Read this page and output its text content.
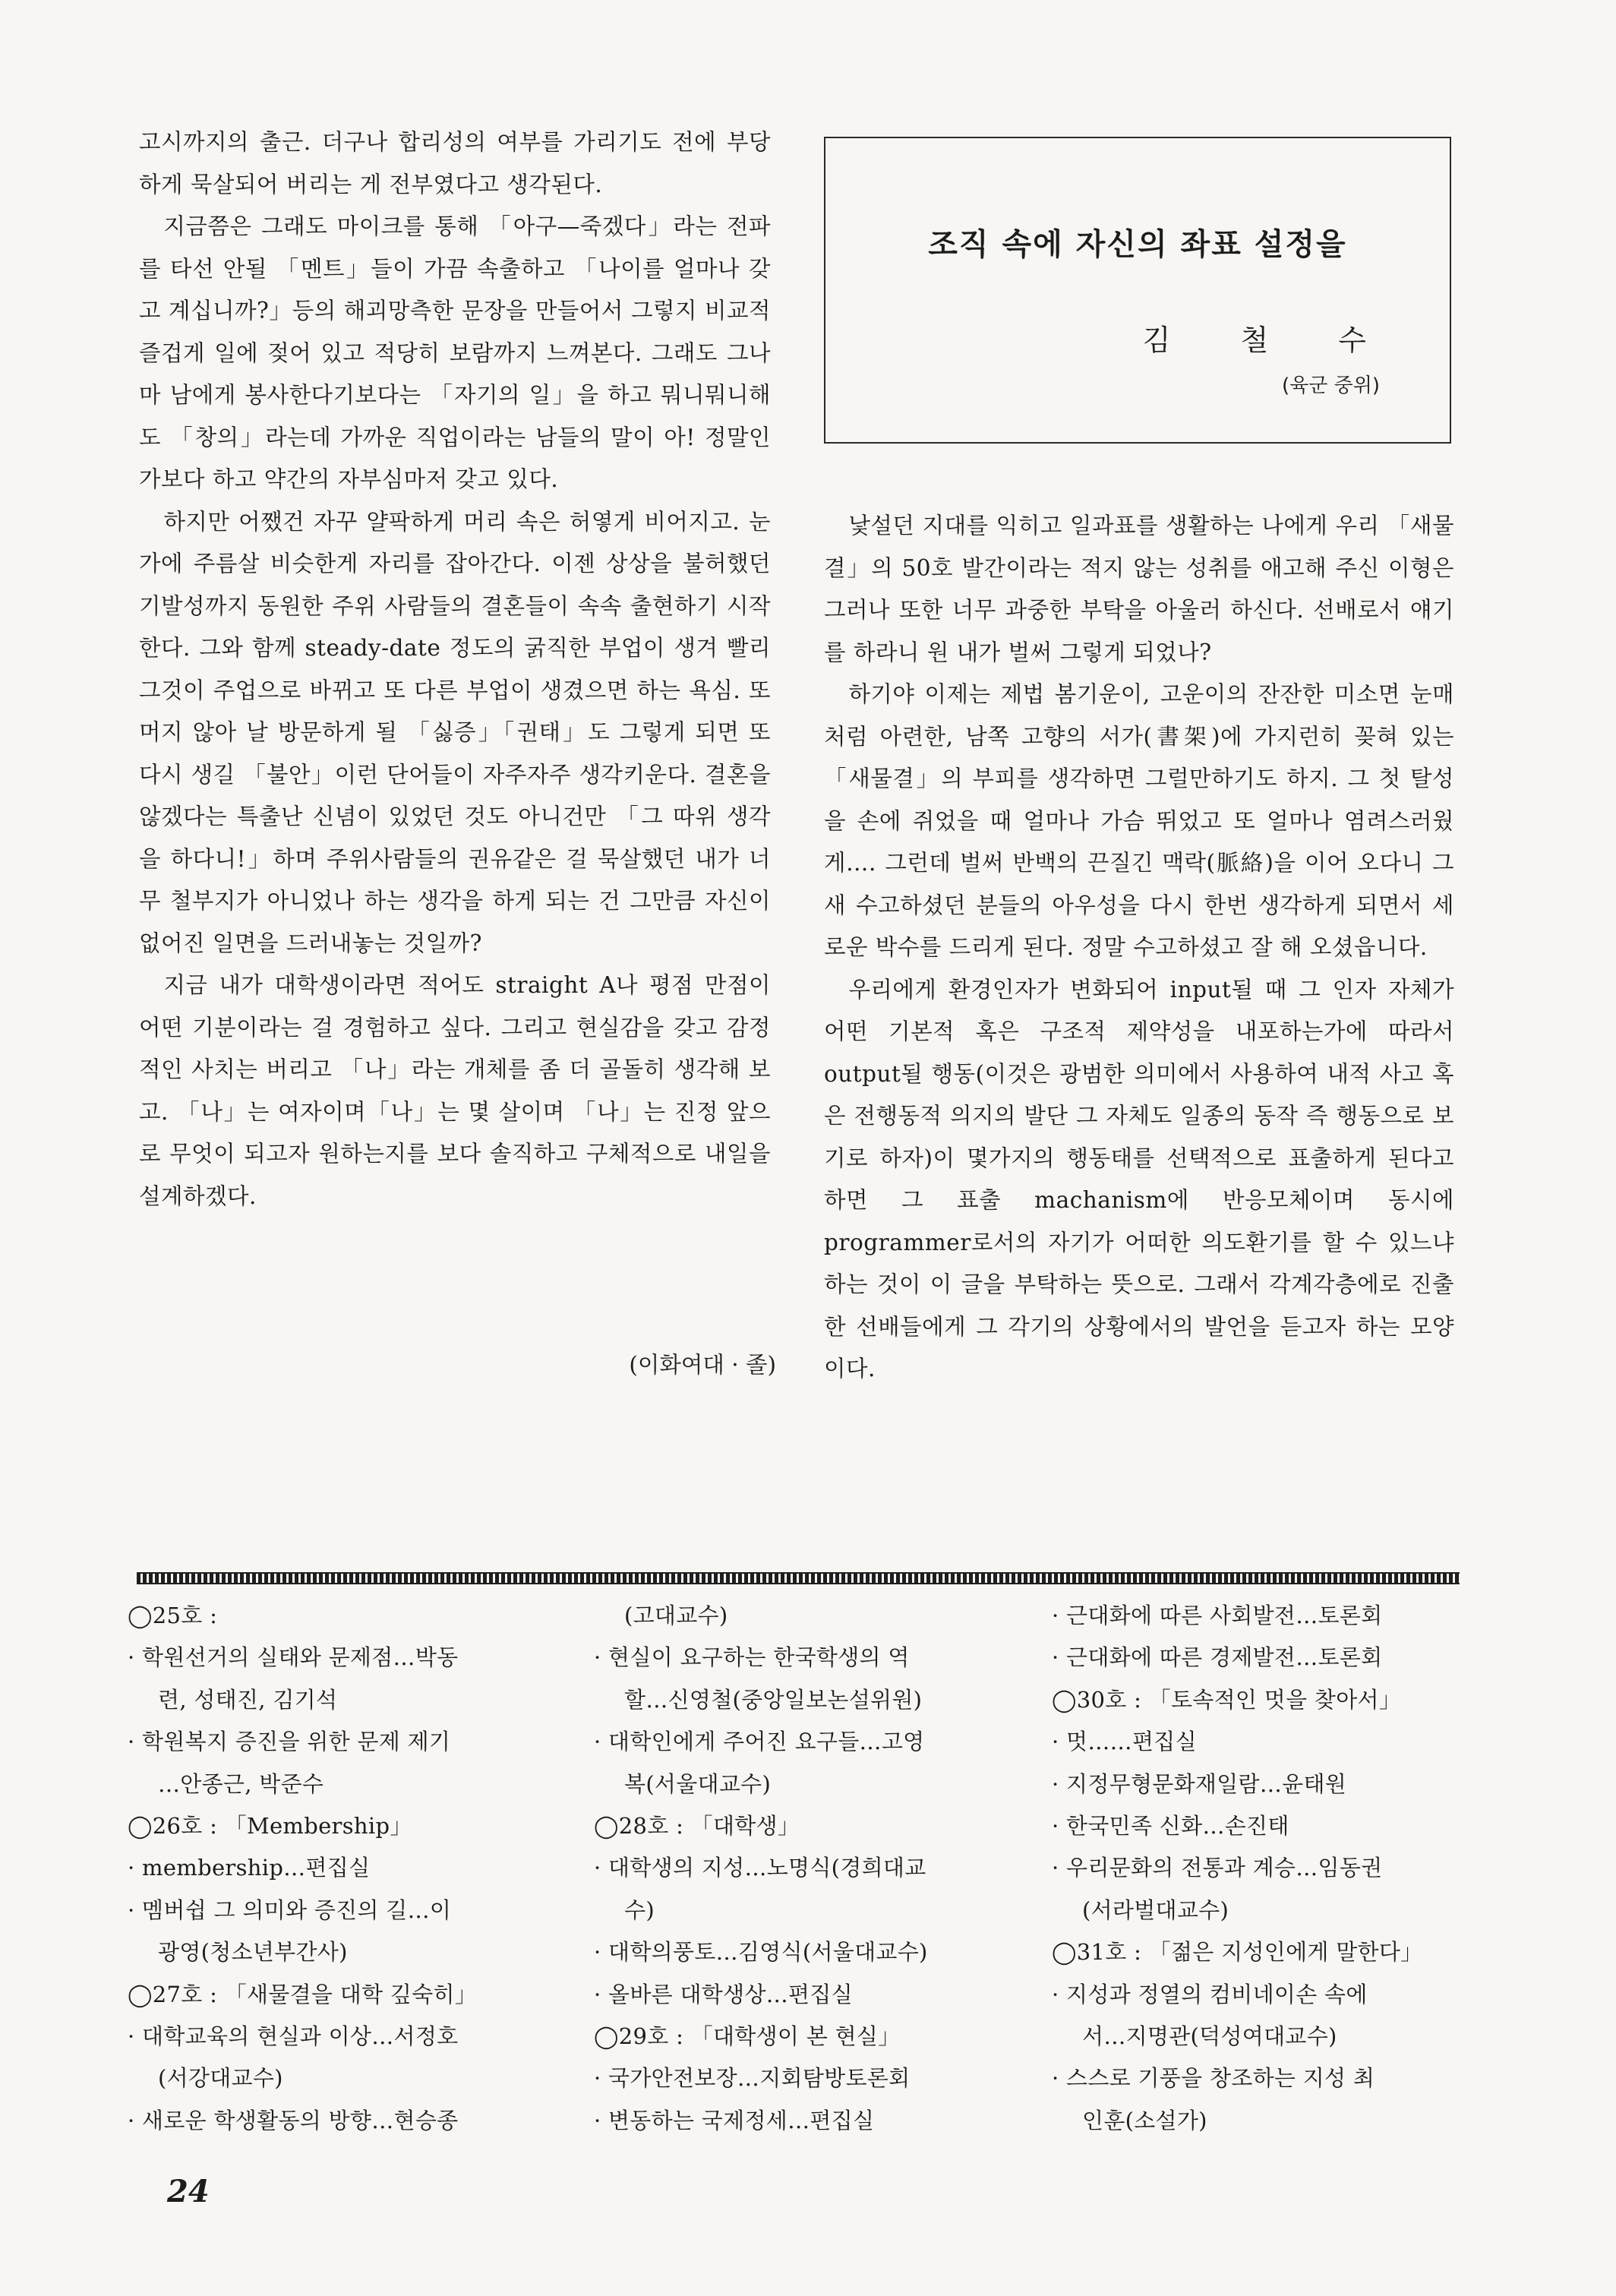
고시까지의 출근. 더구나 합리성의 여부를 가리기도 전에 부당하게 묵살되어 버리는 게 전부였다고 생각된다.

지금쯤은 그래도 마이크를 통해 「아구—죽겠다」라는 전파를 타선 안될 「멘트」들이 가끔 속출하고 「나이를 얼마나 갖고 계십니까?」등의 해괴망측한 문장을 만들어서 그렇지 비교적 즐겁게 일에 젖어 있고 적당히 보람까지 느껴본다. 그래도 그나마 남에게 봉사한다기보다는 「자기의 일」을 하고 뭐니뭐니해도 「창의」라는데 가까운 직업이라는 남들의 말이 아! 정말인가보다 하고 약간의 자부심마저 갖고 있다.

하지만 어쨌건 자꾸 얄팍하게 머리 속은 허옇게 비어지고. 눈가에 주름살 비슷한게 자리를 잡아간다. 이젠 상상을 불허했던 기발성까지 동원한 주위 사람들의 결혼들이 속속 출현하기 시작한다. 그와 함께 steady-date 정도의 굵직한 부업이 생겨 빨리 그것이 주업으로 바뀌고 또 다른 부업이 생겼으면 하는 욕심. 또 머지 않아 날 방문하게 될 「싫증」「권태」도 그렇게 되면 또 다시 생길 「불안」이런 단어들이 자주자주 생각키운다. 결혼을 않겠다는 특출난 신념이 있었던 것도 아니건만 「그 따위 생각을 하다니!」하며 주위사람들의 권유같은 걸 묵살했던 내가 너무 철부지가 아니었나 하는 생각을 하게 되는 건 그만큼 자신이 없어진 일면을 드러내놓는 것일까?

지금 내가 대학생이라면 적어도 straight A나 평점 만점이 어떤 기분이라는 걸 경험하고 싶다. 그리고 현실감을 갖고 감정적인 사치는 버리고 「나」라는 개체를 좀 더 골돌히 생각해 보고. 「나」는 여자이며「나」는 몇 살이며 「나」는 진정 앞으로 무엇이 되고자 원하는지를 보다 솔직하고 구체적으로 내일을 설계하겠다.

(이화여대 · 졸)
조직 속에 자신의 좌표 설정을
김 철 수
(육군 중위)

낯설던 지대를 익히고 일과표를 생활하는 나에게 우리 「새물결」의 50호 발간이라는 적지 않는 성취를 애고해 주신 이형은 그러나 또한 너무 과중한 부탁을 아울러 하신다. 선배로서 얘기를 하라니 원 내가 벌써 그렇게 되었나?

하기야 이제는 제법 봄기운이, 고운이의 잔잔한 미소면 눈매처럼 아련한, 남쪽 고향의 서가(書架)에 가지런히 꽂혀 있는 「새물결」의 부피를 생각하면 그럴만하기도 하지. 그 첫 탈성을 손에 쥐었을 때 얼마나 가슴 뛰었고 또 얼마나 염려스러웠게…. 그런데 벌써 반백의 끈질긴 맥락(脈絡)을 이어 오다니 그새 수고하셨던 분들의 아우성을 다시 한번 생각하게 되면서 세로운 박수를 드리게 된다. 정말 수고하셨고 잘 해 오셨읍니다.

우리에게 환경인자가 변화되어 input될 때 그 인자 자체가 어떤 기본적 혹은 구조적 제약성을 내포하는가에 따라서 output될 행동(이것은 광범한 의미에서 사용하여 내적 사고 혹은 전행동적 의지의 발단 그 자체도 일종의 동작 즉 행동으로 보기로 하자)이 몇가지의 행동태를 선택적으로 표출하게 된다고 하면 그 표출 machanism에 반응모체이며 동시에 programmer로서의 자기가 어떠한 의도환기를 할 수 있느냐 하는 것이 이 글을 부탁하는 뜻으로. 그래서 각계각층에로 진출한 선배들에게 그 각기의 상황에서의 발언을 듣고자 하는 모양이다.

◯25호 :
· 학원선거의 실태와 문제점…박동
련, 성태진, 김기석
· 학원복지 증진을 위한 문제 제기
…안종근, 박준수
◯26호 : 「Membership」
· membership…편집실
· 멤버쉽 그 의미와 증진의 길…이
광영(청소년부간사)
◯27호 : 「새물결을 대학 깊숙히」
· 대학교육의 현실과 이상…서정호
(서강대교수)
· 새로운 학생활동의 방향…현승종
(고대교수)
· 현실이 요구하는 한국학생의 역
할…신영철(중앙일보논설위원)
· 대학인에게 주어진 요구들…고영
복(서울대교수)
◯28호 : 「대학생」
· 대학생의 지성…노명식(경희대교
수)
· 대학의풍토…김영식(서울대교수)
· 올바른 대학생상…편집실
◯29호 : 「대학생이 본 현실」
· 국가안전보장…지회탐방토론회
· 변동하는 국제정세…편집실
· 근대화에 따른 사회발전…토론회
· 근대화에 따른 경제발전…토론회
◯30호 : 「토속적인 멋을 찾아서」
· 멋……편집실
· 지정무형문화재일람…윤태원
· 한국민족 신화…손진태
· 우리문화의 전통과 계승…임동권
(서라벌대교수)
◯31호 : 「젊은 지성인에게 말한다」
· 지성과 정열의 컴비네이손 속에
서…지명관(덕성여대교수)
· 스스로 기풍을 창조하는 지성 최
인훈(소설가)
24
